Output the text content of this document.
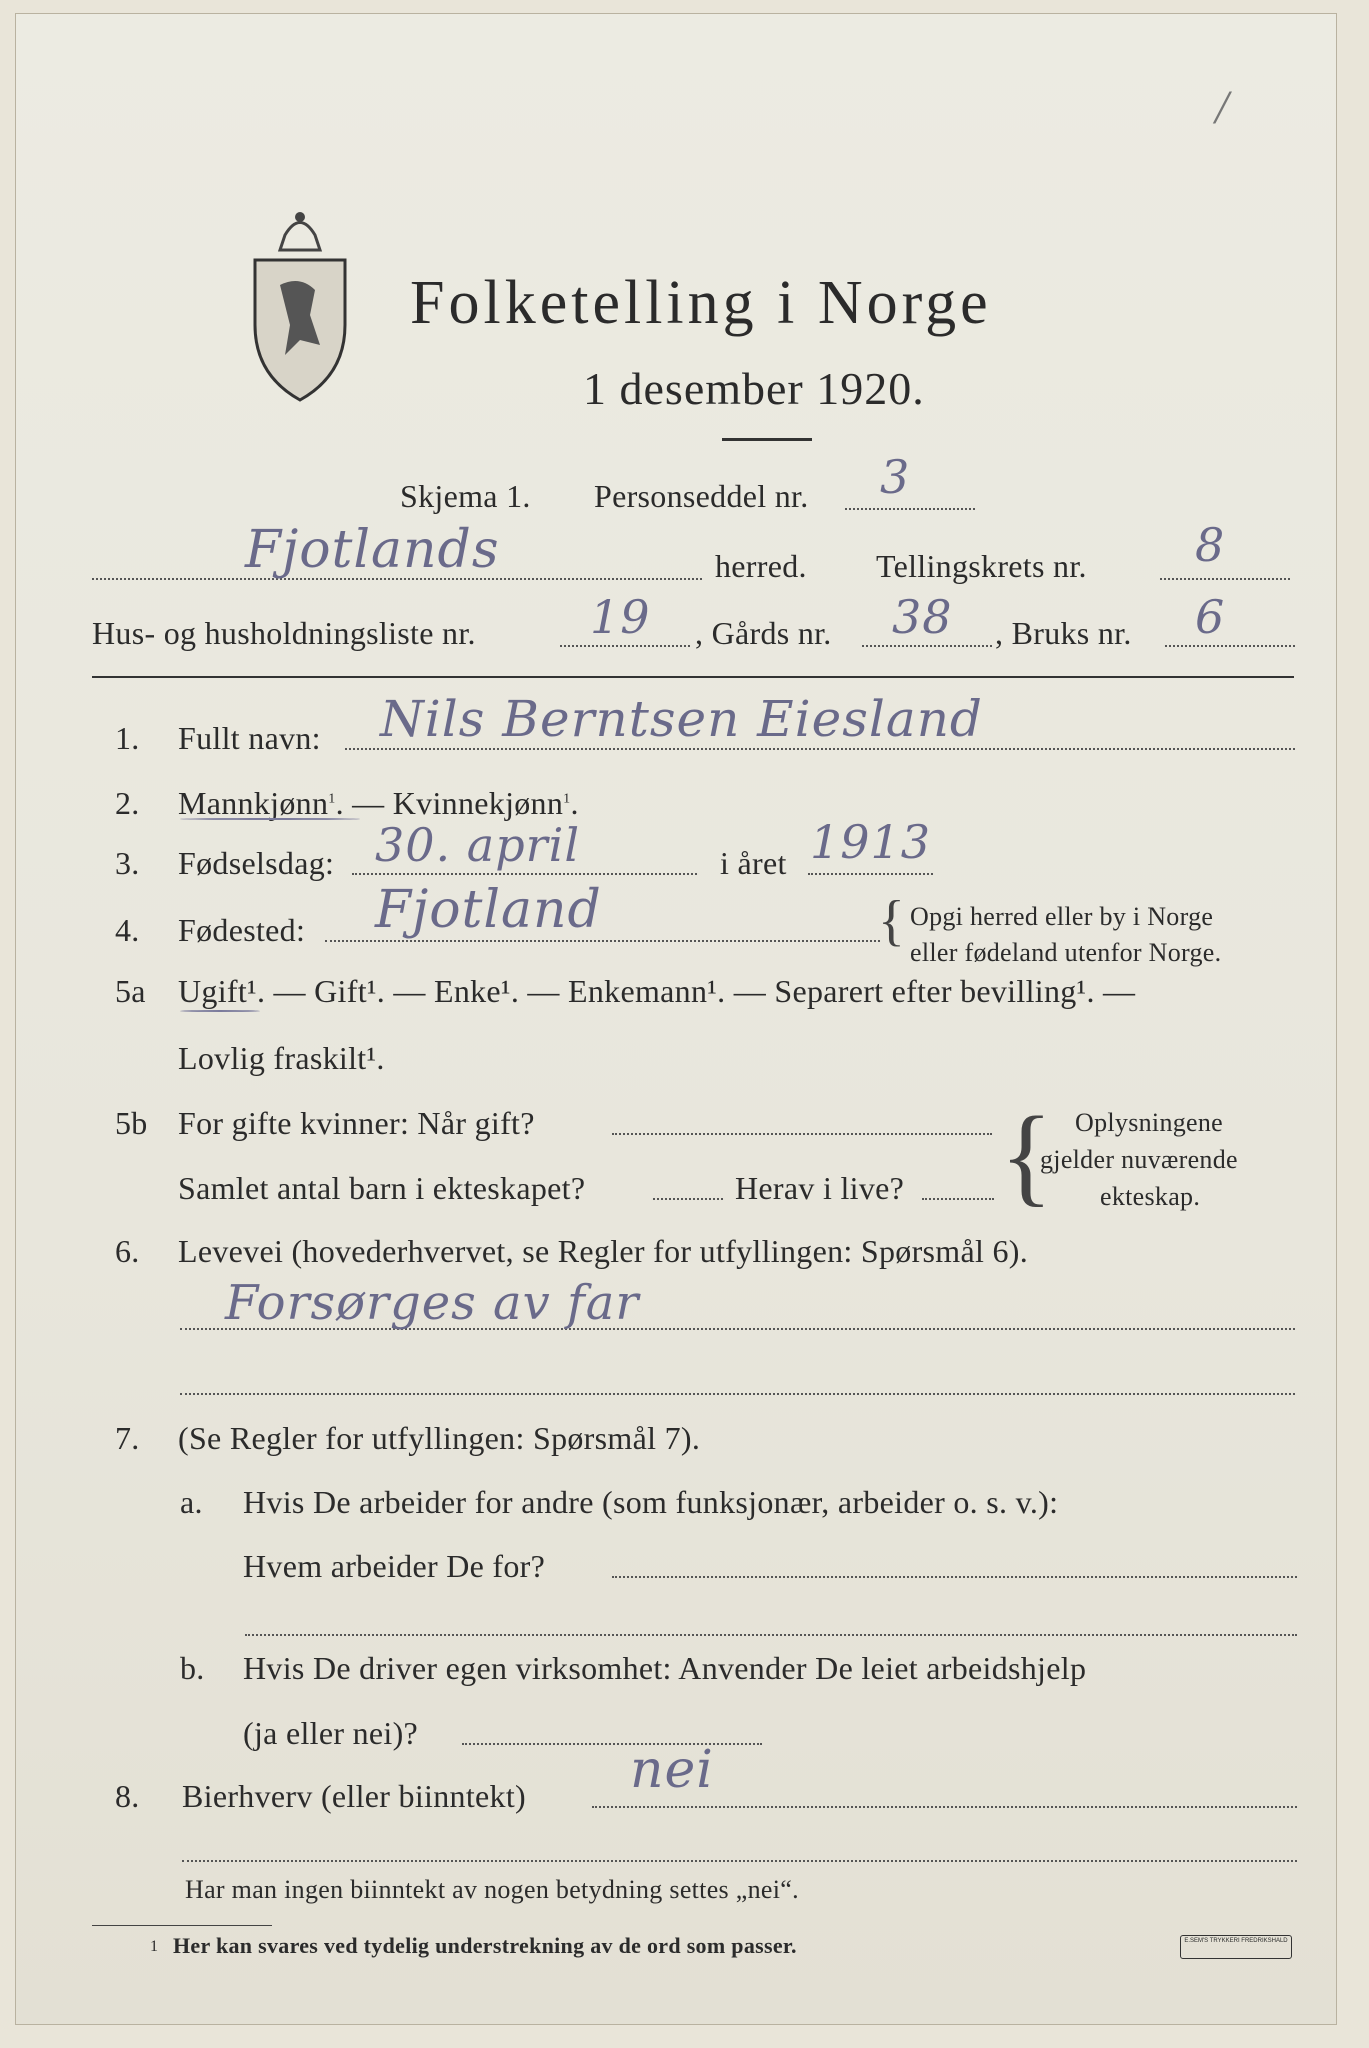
Folketelling i Norge
1 desember 1920.
Skjema 1. Personseddel nr. 3
Fjotlands	herred. Tellingskrets nr. 8
Hus- og husholdningsliste nr. 19 , Gårds nr. 38 , Bruks nr. 6
1. Fullt navn: Nils Berntsen Eiesland
2. Mannkjønn$^1$. — Kvinnekjønn$^1$.
3. Fødselsdag: 30. april	i året 1913
4. Fødested: Fjotland	{ Opgi herred eller by i Norge
eller fødeland utenfor Norge.
5a Ugift¹. — Gift¹. — Enke¹. — Enkemann¹. — Separert efter bevilling¹. —
Lovlig fraskilt¹.
5b For gifte kvinner: Når gift?
Samlet antal barn i ekteskapet?	Herav i live? { Oplysningene
gjelder nuværende
ekteskap.
6. Levevei (hovederhvervet, se Regler for utfyllingen: Spørsmål 6).
Forsørges av far
7. (Se Regler for utfyllingen: Spørsmål 7).
a. Hvis De arbeider for andre (som funksjonær, arbeider o. s. v.):
Hvem arbeider De for?
b. Hvis De driver egen virksomhet: Anvender De leiet arbeidshjelp
(ja eller nei)?
8. Bierhverv (eller biinntekt) nei
Har man ingen biinntekt av nogen betydning settes „nei“.
1 Her kan svares ved tydelig understrekning av de ord som passer.	E.SEM'S TRYKKERI FREDRIKSHALD
/
